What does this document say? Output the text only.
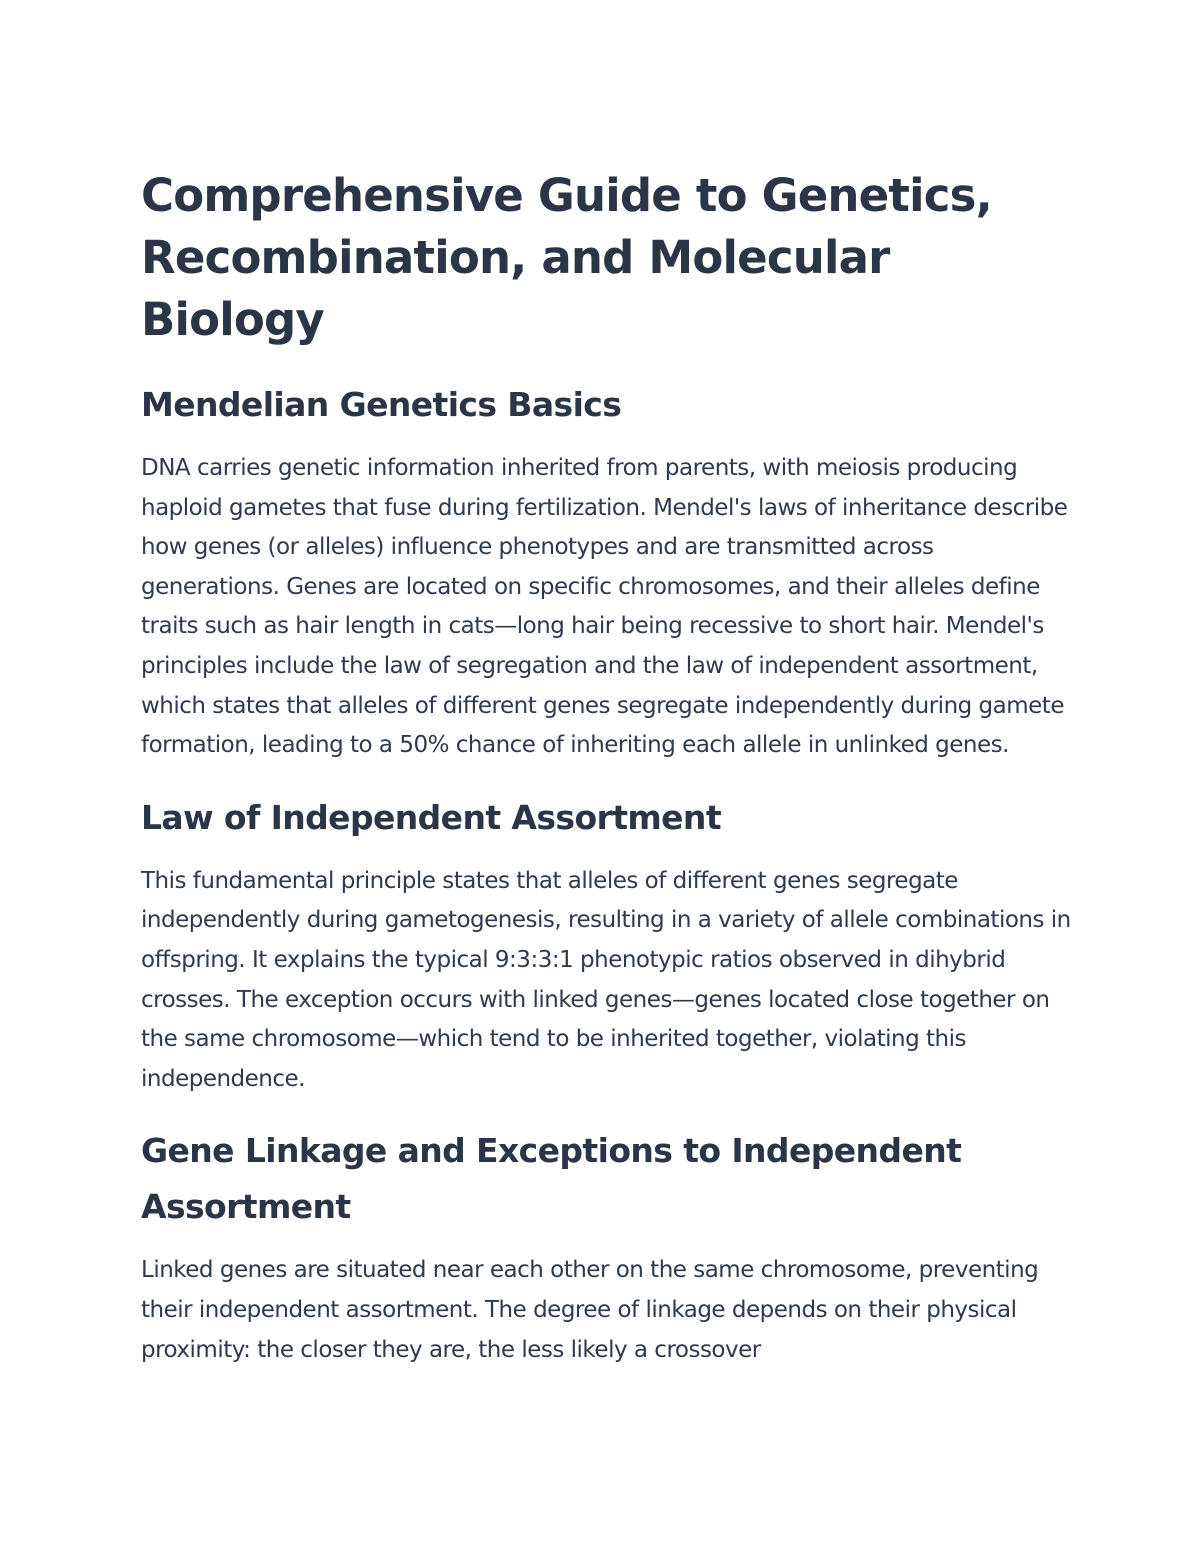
Comprehensive Guide to Genetics, Recombination, and Molecular Biology
Mendelian Genetics Basics

DNA carries genetic information inherited from parents, with meiosis producing haploid gametes that fuse during fertilization. Mendel's laws of inheritance describe how genes (or alleles) influence phenotypes and are transmitted across generations. Genes are located on specific chromosomes, and their alleles define traits such as hair length in cats—long hair being recessive to short hair. Mendel's principles include the law of segregation and the law of independent assortment, which states that alleles of different genes segregate independently during gamete formation, leading to a 50% chance of inheriting each allele in unlinked genes.

Law of Independent Assortment

This fundamental principle states that alleles of different genes segregate independently during gametogenesis, resulting in a variety of allele combinations in offspring. It explains the typical 9:3:3:1 phenotypic ratios observed in dihybrid crosses. The exception occurs with linked genes—genes located close together on the same chromosome—which tend to be inherited together, violating this independence.

Gene Linkage and Exceptions to Independent Assortment

Linked genes are situated near each other on the same chromosome, preventing their independent assortment. The degree of linkage depends on their physical proximity: the closer they are, the less likely a crossover
